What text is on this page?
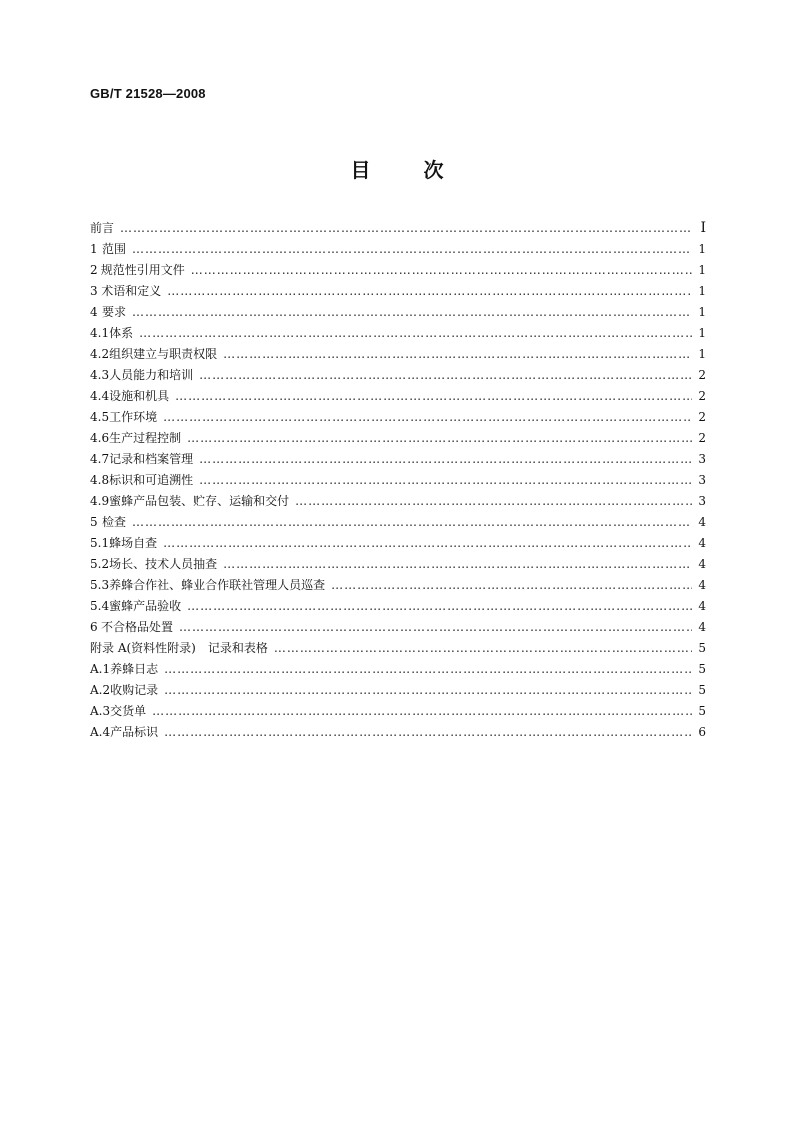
GB/T 21528—2008
目 次
前言 …………………………………………………………………………………………………………………………………………………………………………………………………………………	Ⅰ
1 范围 …………………………………………………………………………………………………………………………………………………………………………………………………………………	1
2 规范性引用文件 …………………………………………………………………………………………………………………………………………………………………………………………………………………	1
3 术语和定义 …………………………………………………………………………………………………………………………………………………………………………………………………………………	1
4 要求 …………………………………………………………………………………………………………………………………………………………………………………………………………………	1
4.1 体系 …………………………………………………………………………………………………………………………………………………………………………………………………………………	1
4.2 组织建立与职责权限 …………………………………………………………………………………………………………………………………………………………………………………………………………………	1
4.3 人员能力和培训 …………………………………………………………………………………………………………………………………………………………………………………………………………………	2
4.4 设施和机具 …………………………………………………………………………………………………………………………………………………………………………………………………………………	2
4.5 工作环境 …………………………………………………………………………………………………………………………………………………………………………………………………………………	2
4.6 生产过程控制 …………………………………………………………………………………………………………………………………………………………………………………………………………………	2
4.7 记录和档案管理 …………………………………………………………………………………………………………………………………………………………………………………………………………………	3
4.8 标识和可追溯性 …………………………………………………………………………………………………………………………………………………………………………………………………………………	3
4.9 蜜蜂产品包装、贮存、运输和交付 …………………………………………………………………………………………………………………………………………………………………………………………………………………	3
5 检查 …………………………………………………………………………………………………………………………………………………………………………………………………………………	4
5.1 蜂场自查 …………………………………………………………………………………………………………………………………………………………………………………………………………………	4
5.2 场长、技术人员抽查 …………………………………………………………………………………………………………………………………………………………………………………………………………………	4
5.3 养蜂合作社、蜂业合作联社管理人员巡查 …………………………………………………………………………………………………………………………………………………………………………………………………………………	4
5.4 蜜蜂产品验收 …………………………………………………………………………………………………………………………………………………………………………………………………………………	4
6 不合格品处置 …………………………………………………………………………………………………………………………………………………………………………………………………………………	4
附录 A(资料性附录)　记录和表格 …………………………………………………………………………………………………………………………………………………………………………………………………………………	5
A.1 养蜂日志 …………………………………………………………………………………………………………………………………………………………………………………………………………………	5
A.2 收购记录 …………………………………………………………………………………………………………………………………………………………………………………………………………………	5
A.3 交货单 …………………………………………………………………………………………………………………………………………………………………………………………………………………	5
A.4 产品标识 …………………………………………………………………………………………………………………………………………………………………………………………………………………	6
